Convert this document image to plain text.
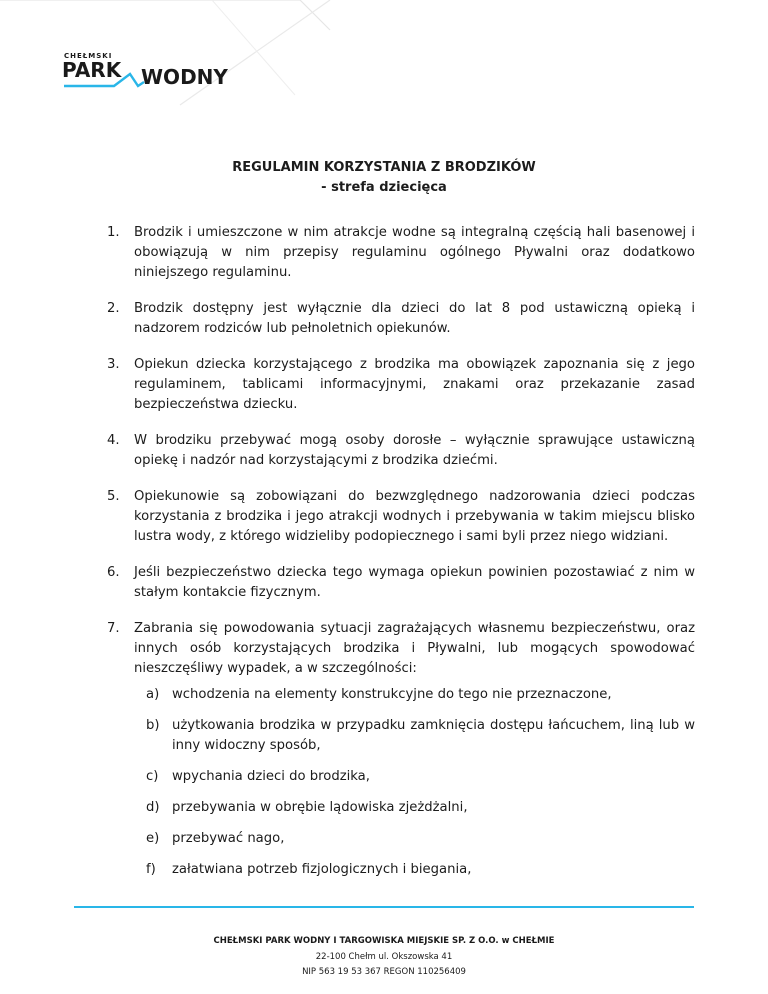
CHEŁMSKI
PARK WODNY
REGULAMIN KORZYSTANIA Z BRODZIKÓW
- strefa dziecięca
1. Brodzik i umieszczone w nim atrakcje wodne są integralną częścią hali basenowej i obowiązują w nim przepisy regulaminu ogólnego Pływalni oraz dodatkowo niniejszego regulaminu.
2. Brodzik dostępny jest wyłącznie dla dzieci do lat 8 pod ustawiczną opieką i nadzorem rodziców lub pełnoletnich opiekunów.
3. Opiekun dziecka korzystającego z brodzika ma obowiązek zapoznania się z jego regulaminem, tablicami informacyjnymi, znakami oraz przekazanie zasad bezpieczeństwa dziecku.
4. W brodziku przebywać mogą osoby dorosłe – wyłącznie sprawujące ustawiczną opiekę i nadzór nad korzystającymi z brodzika dziećmi.
5. Opiekunowie są zobowiązani do bezwzględnego nadzorowania dzieci podczas korzystania z brodzika i jego atrakcji wodnych i przebywania w takim miejscu blisko lustra wody, z którego widzieliby podopiecznego i sami byli przez niego widziani.
6. Jeśli bezpieczeństwo dziecka tego wymaga opiekun powinien pozostawiać z nim w stałym kontakcie fizycznym.
7. Zabrania się powodowania sytuacji zagrażających własnemu bezpieczeństwu, oraz innych osób korzystających brodzika i Pływalni, lub mogących spowodować nieszczęśliwy wypadek, a w szczególności:
a) wchodzenia na elementy konstrukcyjne do tego nie przeznaczone,
b) użytkowania brodzika w przypadku zamknięcia dostępu łańcuchem, liną lub w inny widoczny sposób,
c) wpychania dzieci do brodzika,
d) przebywania w obrębie lądowiska zjeżdżalni,
e) przebywać nago,
f) załatwiana potrzeb fizjologicznych i biegania,
CHEŁMSKI PARK WODNY I TARGOWISKA MIEJSKIE SP. Z O.O. w CHEŁMIE
22-100 Chełm ul. Okszowska 41
NIP 563 19 53 367 REGON 110256409
